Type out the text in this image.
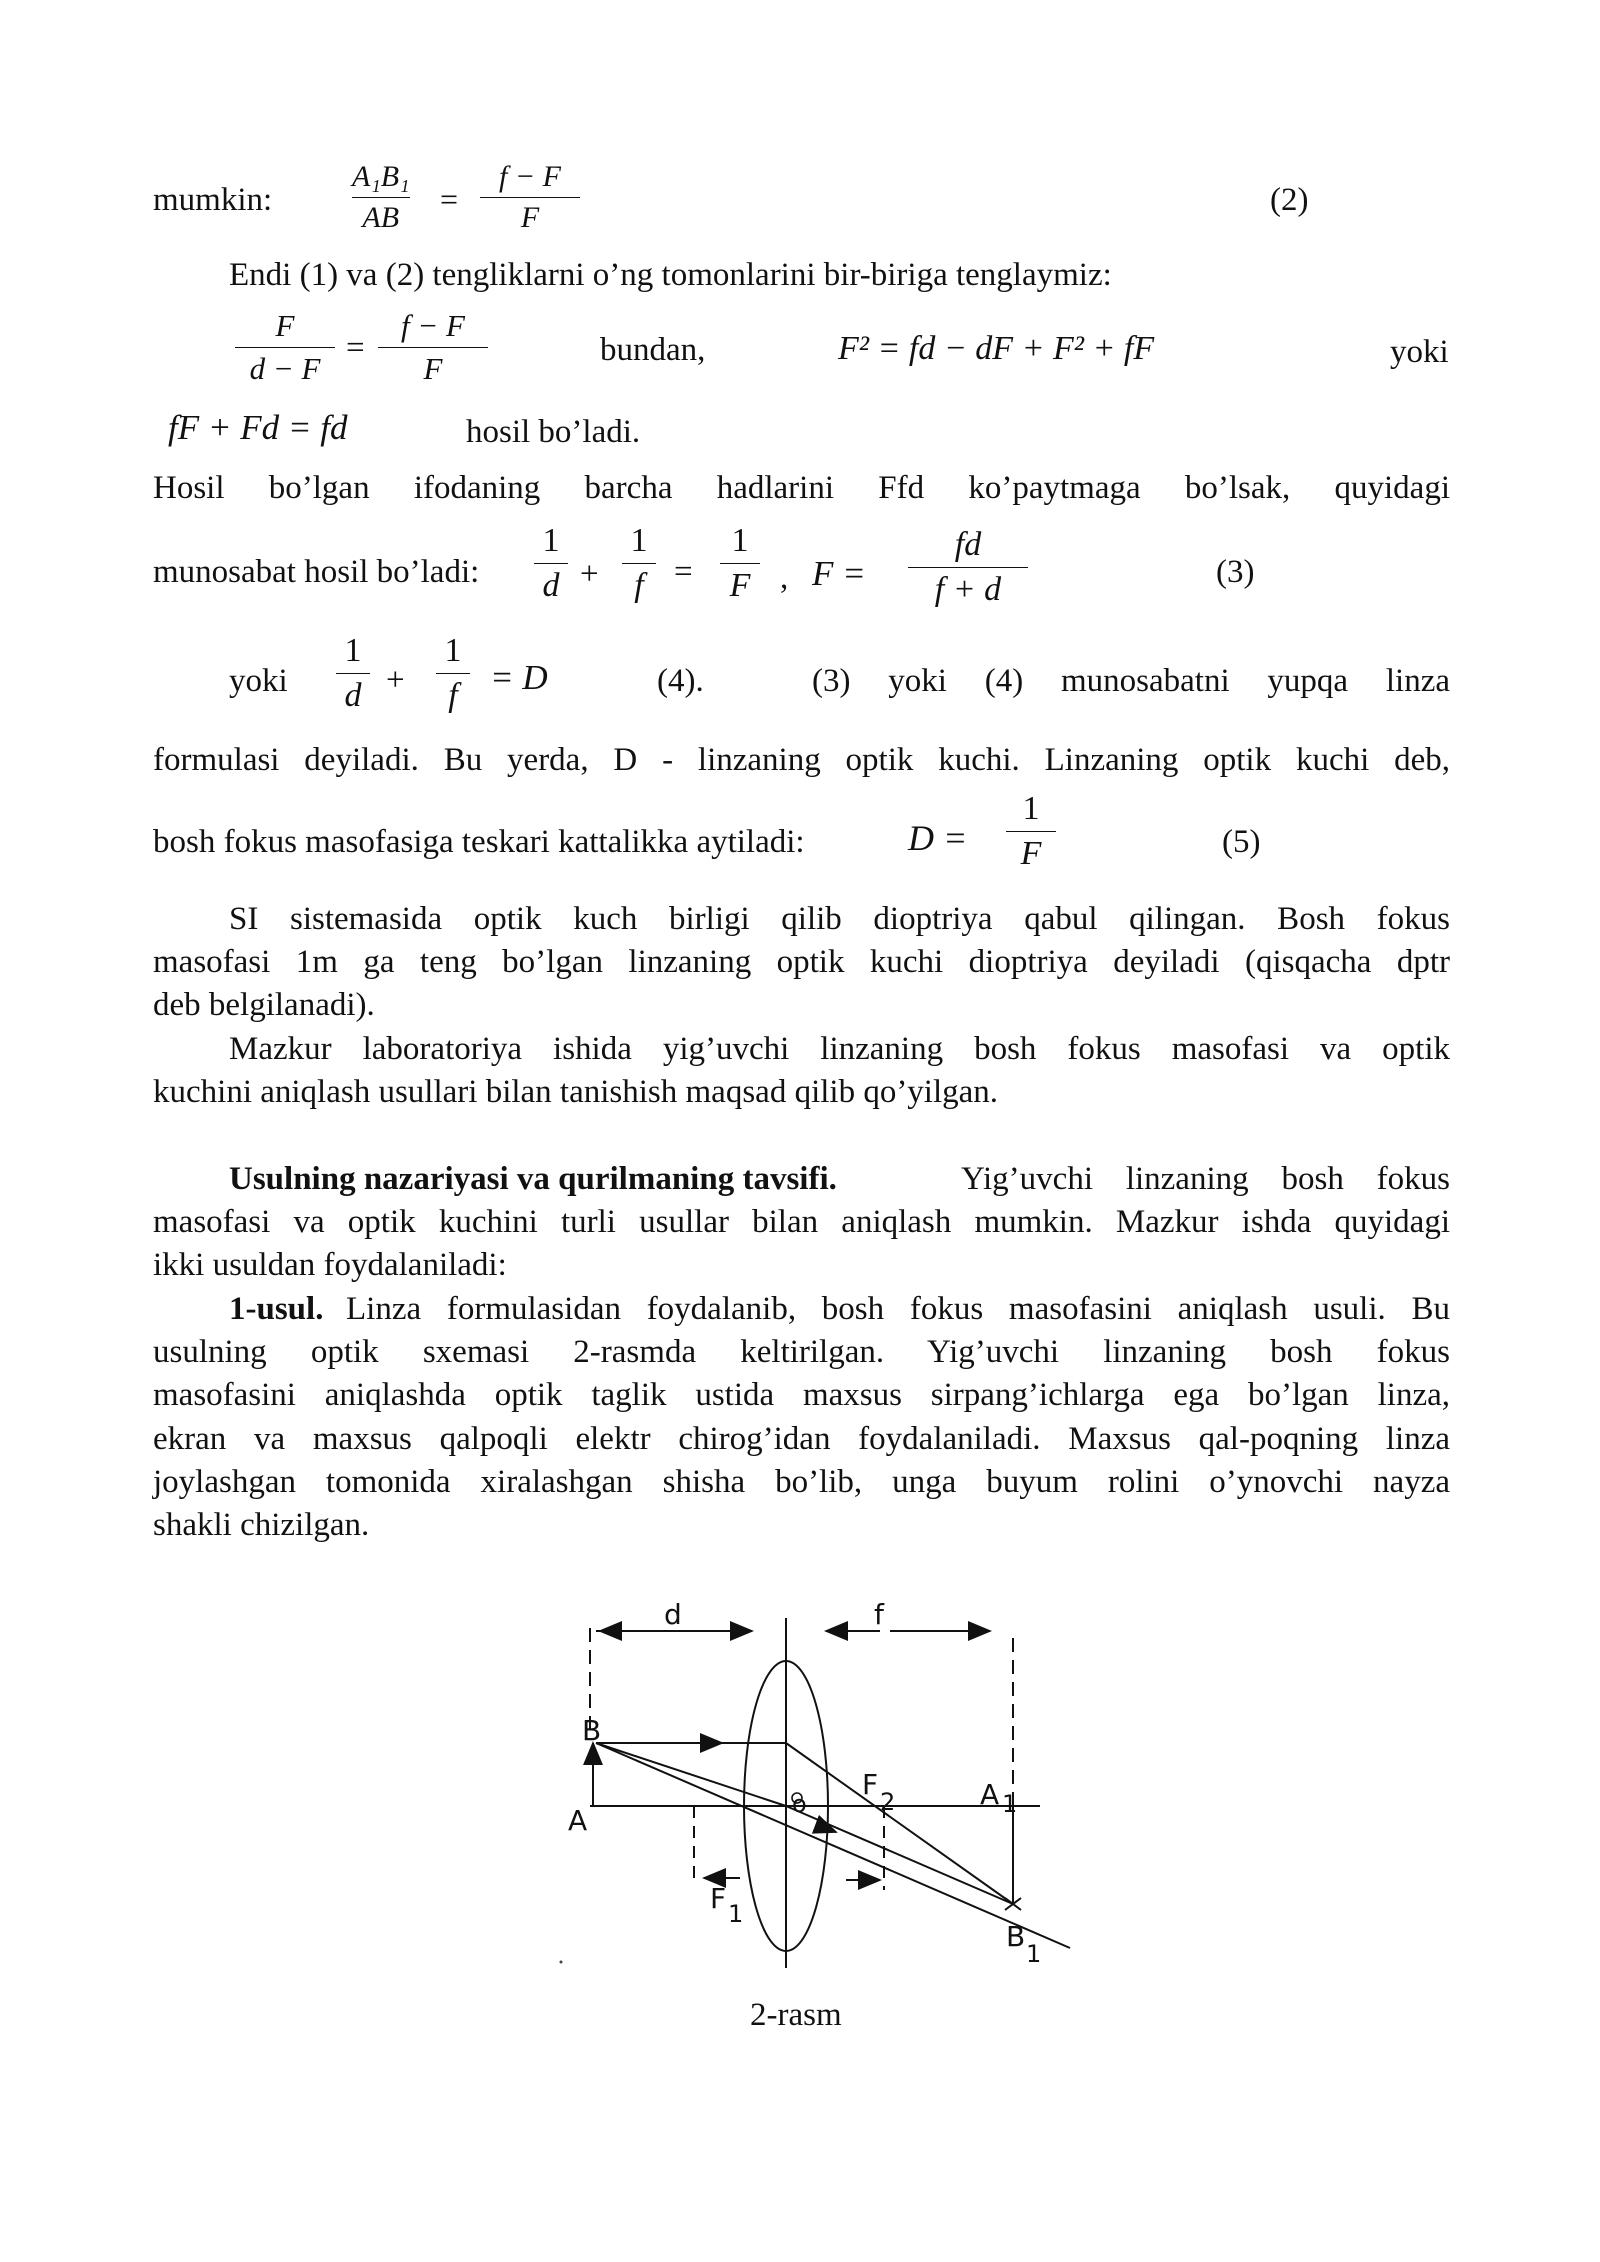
mumkin:
A₁B₁
AB
=
f − F
F	(2)
Endi (1) va (2) tengliklarni o’ng tomonlarini bir-biriga tenglaymiz:
F
d − F
=
f − F
F
bundan,	F² = fd − dF + F² + fF	yoki
fF + Fd = fd	hosil bo’ladi.
Hosil bo’lgan ifodaning barcha hadlarini Ffd ko’paytmaga bo’lsak, quyidagi
munosabat hosil bo’ladi:
1
d +
1
f =
1
F , F =
fd
f + d	(3)
yoki
1
d +
1
f = D	(4).	(3) yoki (4) munosabatni yupqa linza
formulasi deyiladi. Bu yerda, D - linzaning optik kuchi. Linzaning optik kuchi deb,
bosh fokus masofasiga teskari kattalikka aytiladi:	D =
1
F	(5)
SI sistemasida optik kuch birligi qilib dioptriya qabul qilingan. Bosh fokus
masofasi 1m ga teng bo’lgan linzaning optik kuchi dioptriya deyiladi (qisqacha dptr
deb belgilanadi).
Mazkur laboratoriya ishida yig’uvchi linzaning bosh fokus masofasi va optik
kuchini aniqlash usullari bilan tanishish maqsad qilib qo’yilgan.
Usulning nazariyasi va qurilmaning tavsifi.	Yig’uvchi linzaning bosh fokus
masofasi va optik kuchini turli usullar bilan aniqlash mumkin. Mazkur ishda quyidagi
ikki usuldan foydalaniladi:
1-usul. Linza formulasidan foydalanib, bosh fokus masofasini aniqlash usuli. Bu
usulning optik sxemasi 2-rasmda keltirilgan. Yig’uvchi linzaning bosh fokus
masofasini aniqlashda optik taglik ustida maxsus sirpang’ichlarga ega bo’lgan linza,
ekran va maxsus qalpoqli elektr chirog’idan foydalaniladi. Maxsus qal-poqning linza
joylashgan tomonida xiralashgan shisha bo’lib, unga buyum rolini o’ynovchi nayza
shakli chizilgan.
d	f
B
A	o
F
2	A 1
F 1
B
1
2-rasm
